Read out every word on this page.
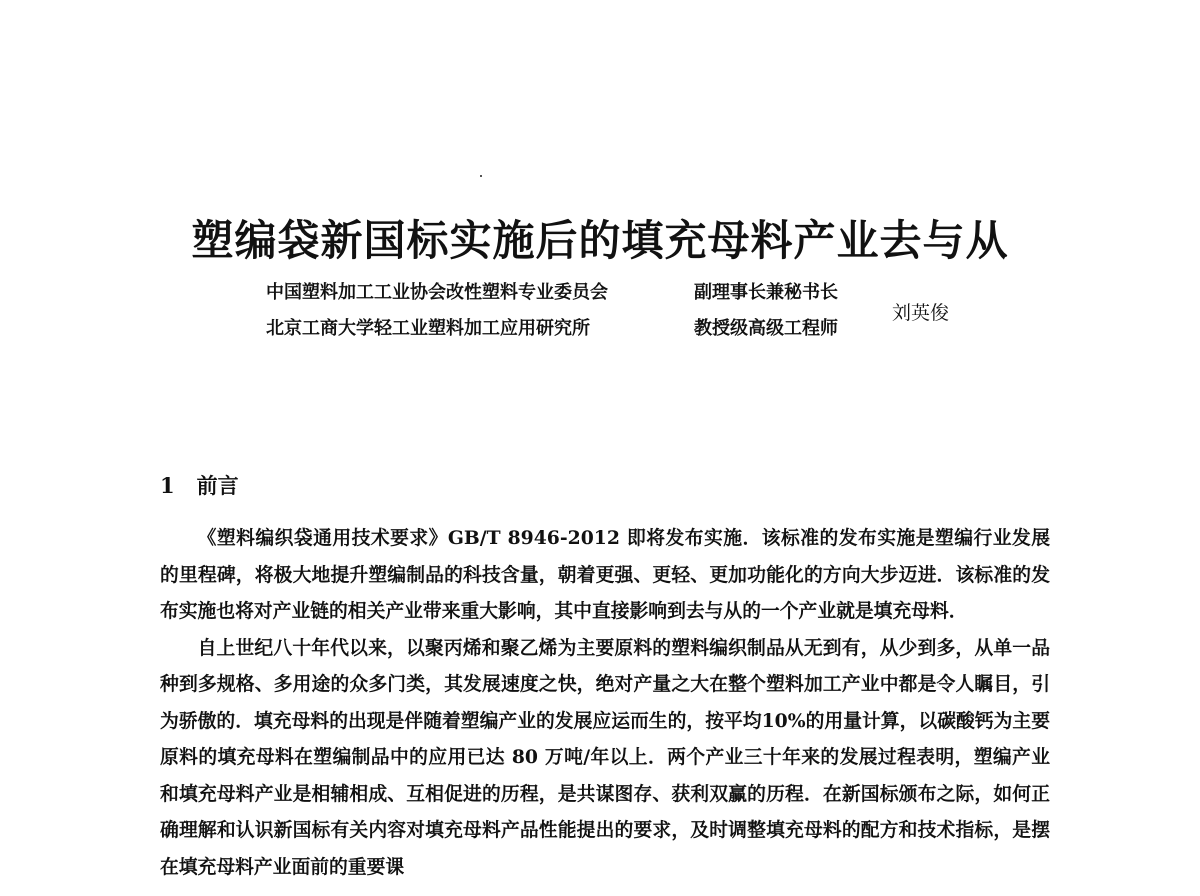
塑编袋新国标实施后的填充母料产业去与从
中国塑料加工工业协会改性塑料专业委员会	副理事长兼秘书长
北京工商大学轻工业塑料加工应用研究所	教授级高级工程师
刘英俊
1 前言

《塑料编织袋通用技术要求》GB/T 8946-2012 即将发布实施．该标准的发布实施是塑编行业发展的里程碑，将极大地提升塑编制品的科技含量，朝着更强、更轻、更加功能化的方向大步迈进．该标准的发布实施也将对产业链的相关产业带来重大影响，其中直接影响到去与从的一个产业就是填充母料．

自上世纪八十年代以来，以聚丙烯和聚乙烯为主要原料的塑料编织制品从无到有，从少到多，从单一品种到多规格、多用途的众多门类，其发展速度之快，绝对产量之大在整个塑料加工产业中都是令人瞩目，引为骄傲的．填充母料的出现是伴随着塑编产业的发展应运而生的，按平均10%的用量计算，以碳酸钙为主要原料的填充母料在塑编制品中的应用已达 80 万吨/年以上．两个产业三十年来的发展过程表明，塑编产业和填充母料产业是相辅相成、互相促进的历程，是共谋图存、获利双赢的历程．在新国标颁布之际，如何正确理解和认识新国标有关内容对填充母料产品性能提出的要求，及时调整填充母料的配方和技术指标，是摆在填充母料产业面前的重要课
